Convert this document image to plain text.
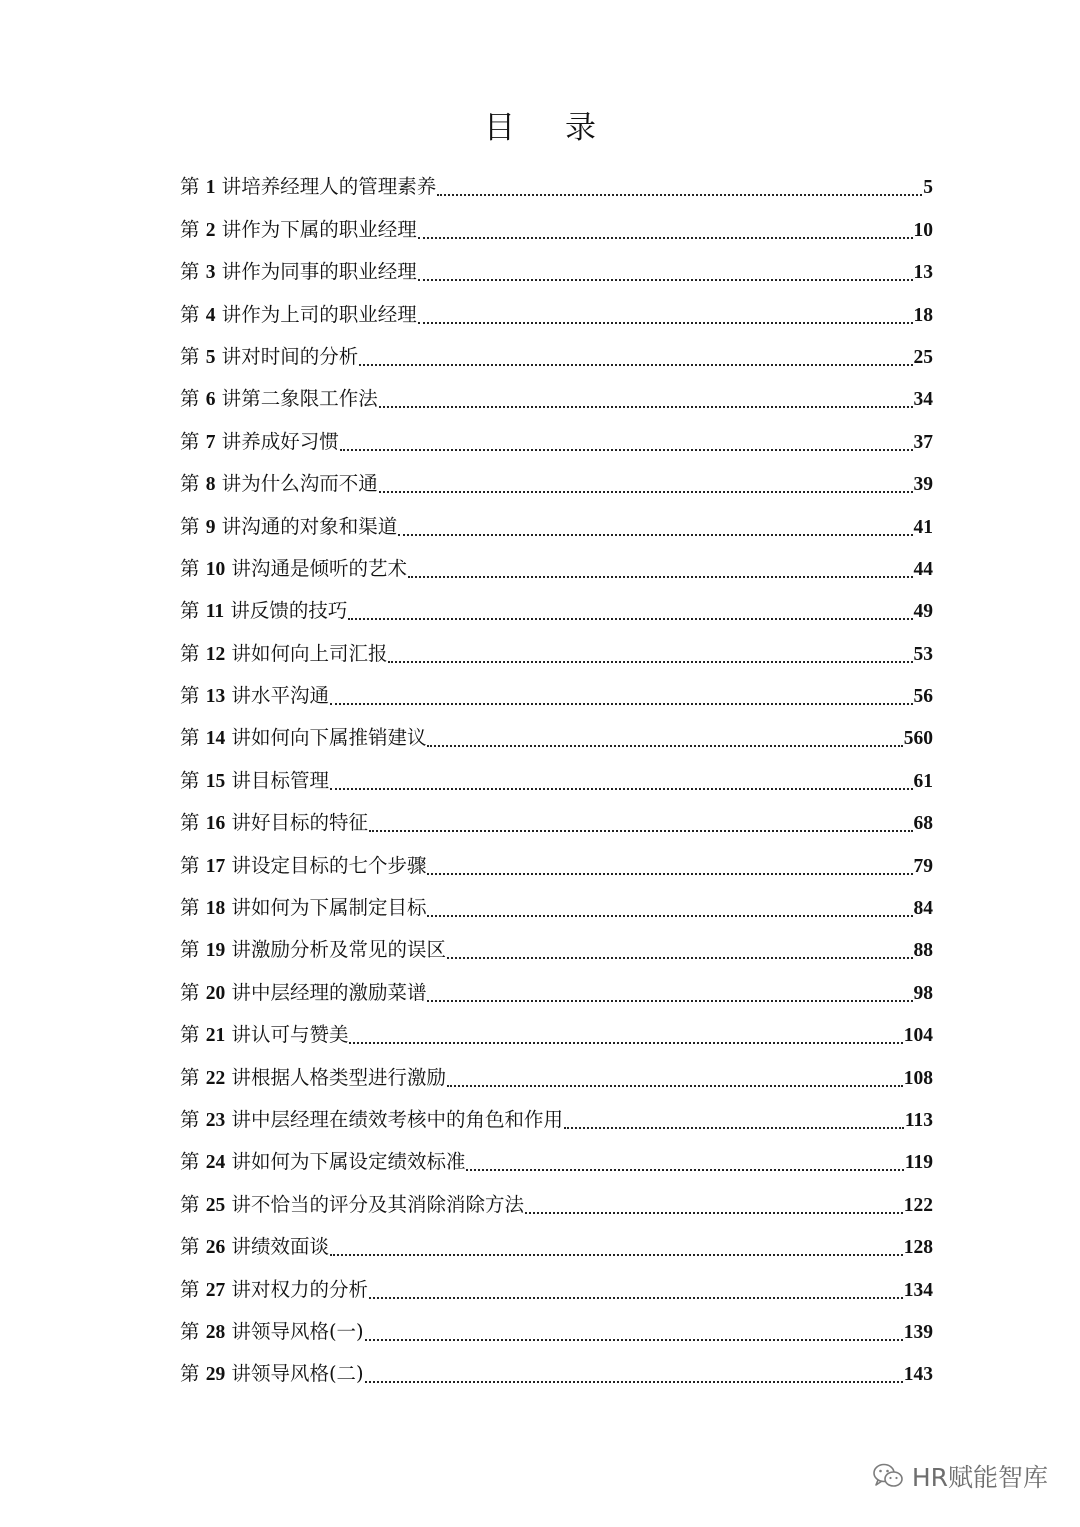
目 录
第 1 讲培养经理人的管理素养	5
第 2 讲作为下属的职业经理	10
第 3 讲作为同事的职业经理	13
第 4 讲作为上司的职业经理	18
第 5 讲对时间的分析	25
第 6 讲第二象限工作法	34
第 7 讲养成好习惯	37
第 8 讲为什么沟而不通	39
第 9 讲沟通的对象和渠道	41
第 10 讲沟通是倾听的艺术	44
第 11 讲反馈的技巧	49
第 12 讲如何向上司汇报	53
第 13 讲水平沟通	56
第 14 讲如何向下属推销建议	560
第 15 讲目标管理	61
第 16 讲好目标的特征	68
第 17 讲设定目标的七个步骤	79
第 18 讲如何为下属制定目标	84
第 19 讲激励分析及常见的误区	88
第 20 讲中层经理的激励菜谱	98
第 21 讲认可与赞美	104
第 22 讲根据人格类型进行激励	108
第 23 讲中层经理在绩效考核中的角色和作用	113
第 24 讲如何为下属设定绩效标准	119
第 25 讲不恰当的评分及其消除消除方法	122
第 26 讲绩效面谈	128
第 27 讲对权力的分析	134
第 28 讲领导风格(一)	139
第 29 讲领导风格(二)	143
HR赋能智库
